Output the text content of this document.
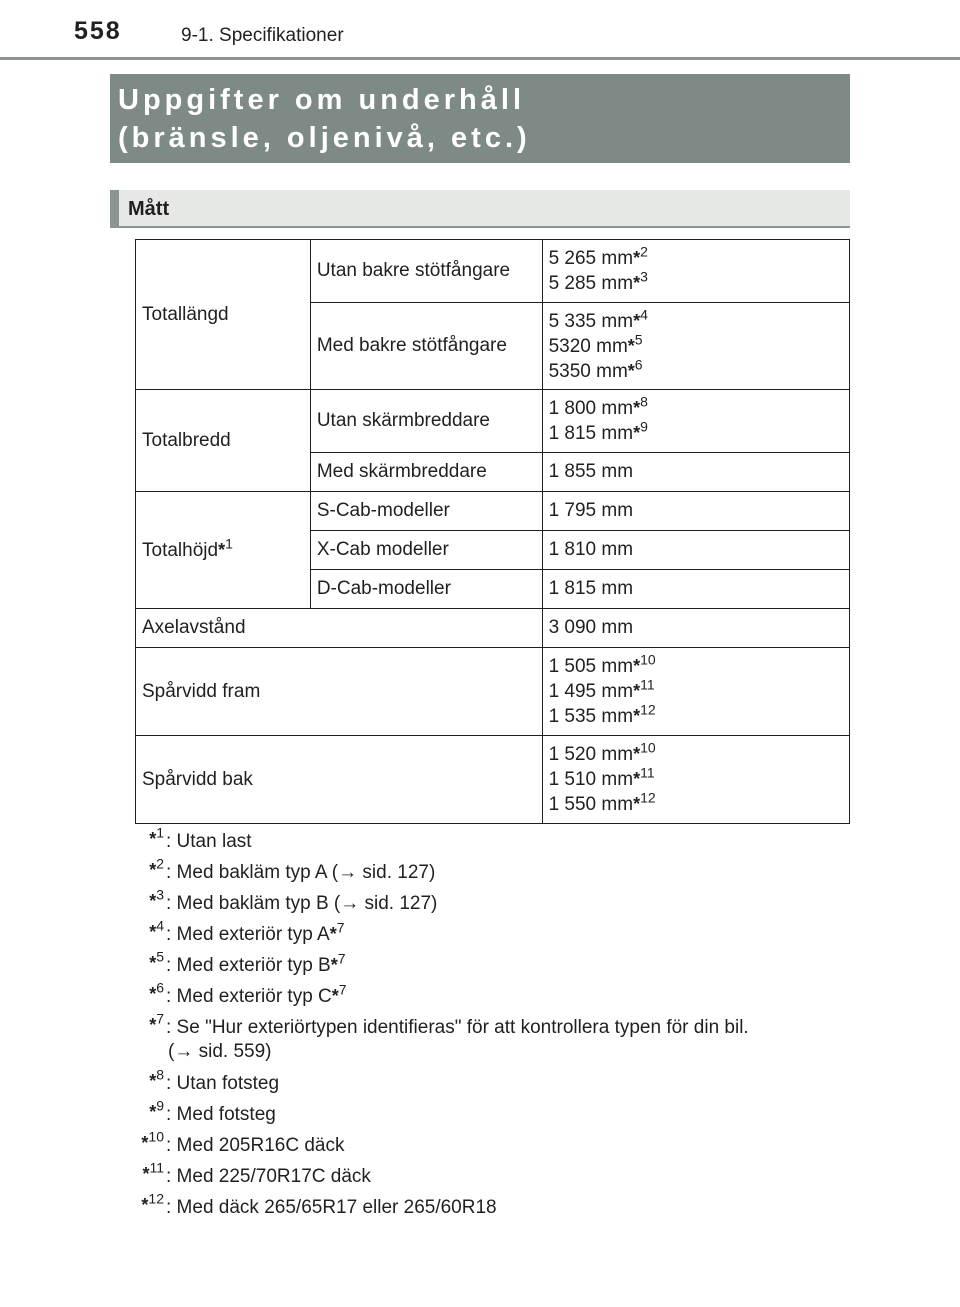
558	9-1. Specifikationer
Uppgifter om underhåll
(bränsle, oljenivå, etc.)
Mått
Totallängd	Utan bakre stötfångare	5 265 mm*$^2$
5 285 mm*$^3$
	Med bakre stötfångare	5 335 mm*$^4$
5320 mm*$^5$
5350 mm*$^6$
Totalbredd	Utan skärmbreddare	1 800 mm*$^8$
1 815 mm*$^9$
	Med skärmbreddare	1 855 mm
Totalhöjd*$^1$	S-Cab-modeller	1 795 mm
	X-Cab modeller	1 810 mm
	D-Cab-modeller	1 815 mm
Axelavstånd		3 090 mm
Spårvidd fram		1 505 mm*$^{10}$
1 495 mm*$^{11}$
1 535 mm*$^{12}$
Spårvidd bak		1 520 mm*$^{10}$
1 510 mm*$^{11}$
1 550 mm*$^{12}$
*$^1$ : Utan last
*$^2$ : Med bakläm typ A (→ sid. 127)
*$^3$ : Med bakläm typ B (→ sid. 127)
*$^4$ : Med exteriör typ A*$^7$
*$^5$ : Med exteriör typ B*$^7$
*$^6$ : Med exteriör typ C*$^7$
*$^7$ : Se "Hur exteriörtypen identifieras" för att kontrollera typen för din bil.
(→ sid. 559)
*$^8$ : Utan fotsteg
*$^9$ : Med fotsteg
*$^{10}$ : Med 205R16C däck
*$^{11}$ : Med 225/70R17C däck
*$^{12}$ : Med däck 265/65R17 eller 265/60R18
